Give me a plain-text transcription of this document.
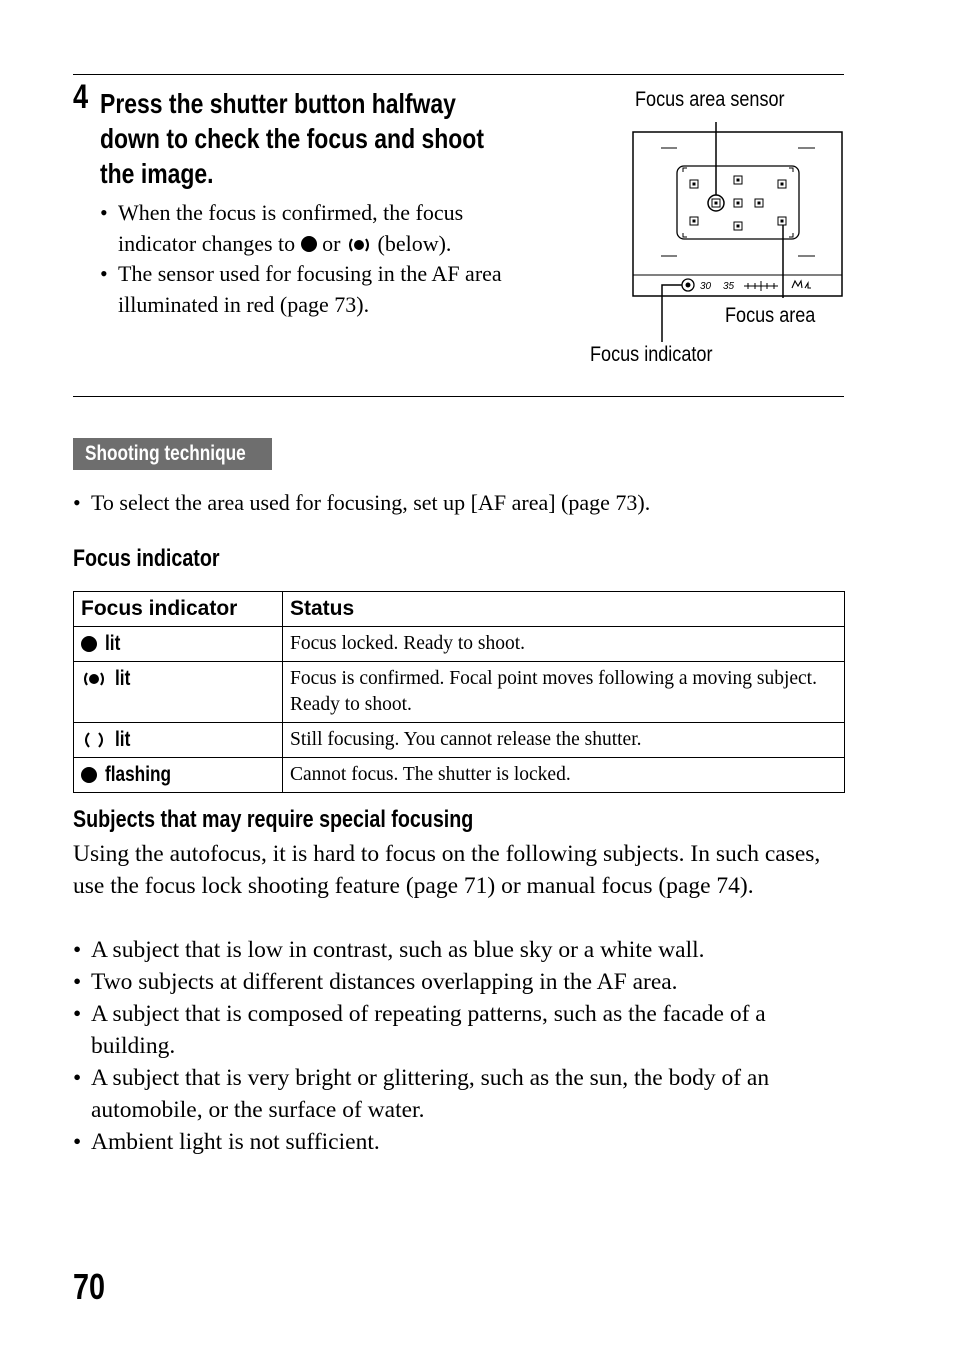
4 Press the shutter button halfway
down to check the focus and shoot
the image.
• When the focus is confirmed, the focus indicator changes to  or  (below).
• The sensor used for focusing in the AF area illuminated in red (page 73).
30 35
Focus area sensor
Focus area
Focus indicator
Shooting technique
• To select the area used for focusing, set up [AF area] (page 73).
Focus indicator
Focus indicator	Status

lit	Focus locked. Ready to shoot.

lit	Focus is confirmed. Focal point moves following a moving subject. Ready to shoot.

lit	Still focusing. You cannot release the shutter.

flashing	Cannot focus. The shutter is locked.
Subjects that may require special focusing

Using the autofocus, it is hard to focus on the following subjects. In such cases, use the focus lock shooting feature (page 71) or manual focus (page 74).

• A subject that is low in contrast, such as blue sky or a white wall.
• Two subjects at different distances overlapping in the AF area.
• A subject that is composed of repeating patterns, such as the facade of a building.
• A subject that is very bright or glittering, such as the sun, the body of an automobile, or the surface of water.
• Ambient light is not sufficient.
70
